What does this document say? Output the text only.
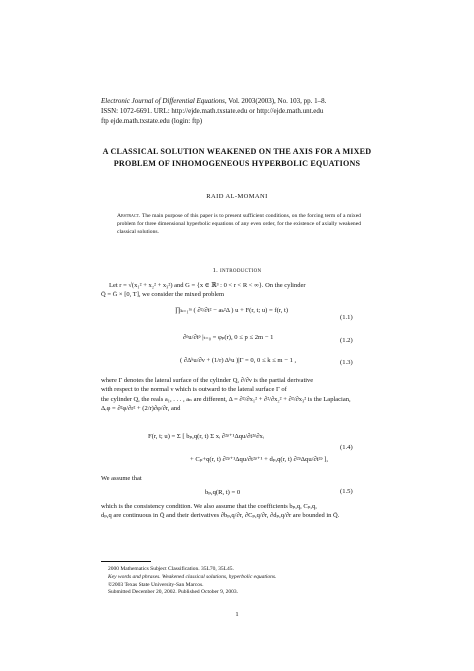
Electronic Journal of Differential Equations, Vol. 2003(2003), No. 103, pp. 1–8.
ISSN: 1072-6691. URL: http://ejde.math.txstate.edu or http://ejde.math.unt.edu
ftp ejde.math.txstate.edu (login: ftp)
A CLASSICAL SOLUTION WEAKENED ON THE AXIS FOR A MIXED PROBLEM OF INHOMOGENEOUS HYPERBOLIC EQUATIONS
RAID AL-MOMANI
Abstract. The main purpose of this paper is to present sufficient conditions, on the forcing term of a mixed problem for three dimensional hyperbolic equations of any even order, for the existence of axially weakened classical solutions.
1. introduction
Let r = √(x₁² + x₂² + x₃²) and G = {x ∈ ℝ³ : 0 < r < R < ∞}. On the cylinder
Q̄ = Ḡ × [0, T], we consider the mixed problem
∏ₖ₌₁ᵐ ( ∂²/∂t² − aₖ²Δ ) u + F(r, t; u) = f(r, t)
(1.1)
∂ᵖu/∂tᵖ |ₜ₌₀ = φₚ(r), 0 ≤ p ≤ 2m − 1	(1.2)
( ∂Δᵏu/∂ν + (1/r) Δᵏu )|Γ = 0, 0 ≤ k ≤ m − 1 ,	(1.3)
where Γ denotes the lateral surface of the cylinder Q, ∂/∂ν is the partial derivative
with respect to the normal ν which is outward to the lateral surface Γ of
the cylinder Q, the reals a₁, . . . , aₙ are different, Δ = ∂²/∂x₁² + ∂²/∂x₂² + ∂²/∂x₃² is the Laplacian,
Δᵣφ = ∂²φ/∂r² + (2/r)∂φ/∂r, and
F(r, t; u) = Σ [ bₚ,q(r, t) Σ xᵢ ∂²ᵖ⁺¹Δqu/∂t²ᵖ∂xᵢ
+ Cₚ+q(r, t) ∂²ᵖ⁺¹Δqu/∂t²ᵖ⁺¹ + dₚ,q(r, t) ∂²ᵖΔqu/∂t²ᵖ ],
(1.4)
We assume that
bₚ,q(R, t) = 0	(1.5)
which is the consistency condition. We also assume that the coefficients bₚ,q, Cₚ,q,
dₚ,q are continuous in Q̄ and their derivatives ∂bₚ,q/∂r, ∂Cₚ,q/∂r, ∂dₚ,q/∂r are bounded in Q̄.
2000 Mathematics Subject Classification. 35L70, 35L45.
Key words and phrases. Weakened classical solutions, hyperbolic equations.
©2003 Texas State University-San Marcos.
Submitted December 20, 2002. Published October 9, 2003.
1
